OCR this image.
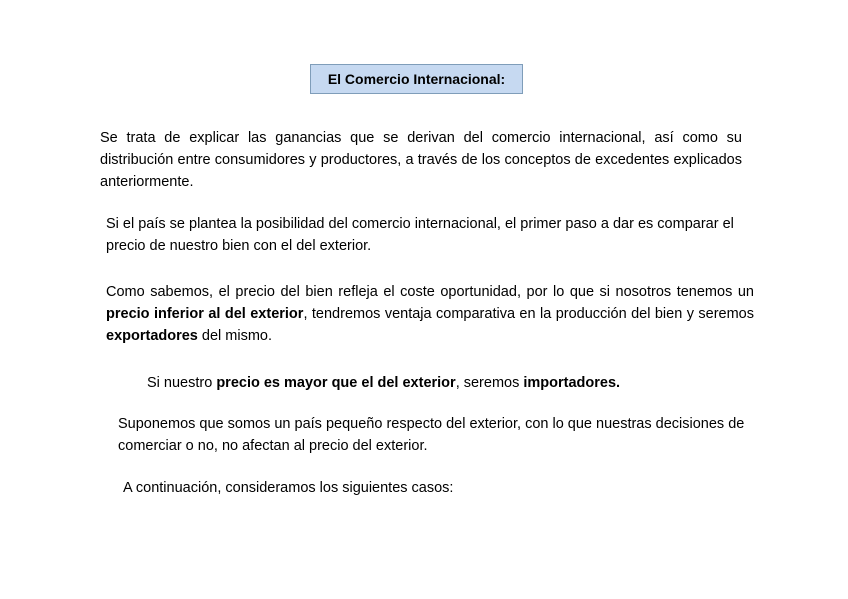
El Comercio Internacional:

Se trata de explicar las ganancias que se derivan del comercio internacional, así como su distribución entre consumidores y productores, a través de los conceptos de excedentes explicados anteriormente.

Si el país se plantea la posibilidad del comercio internacional, el primer paso a dar es comparar el precio de nuestro bien con el del exterior.

Como sabemos, el precio del bien refleja el coste oportunidad, por lo que si nosotros tenemos un precio inferior al del exterior, tendremos ventaja comparativa en la producción del bien y seremos exportadores del mismo.

Si nuestro precio es mayor que el del exterior, seremos importadores.

Suponemos que somos un país pequeño respecto del exterior, con lo que nuestras decisiones de comerciar o no, no afectan al precio del exterior.

A continuación, consideramos los siguientes casos:
